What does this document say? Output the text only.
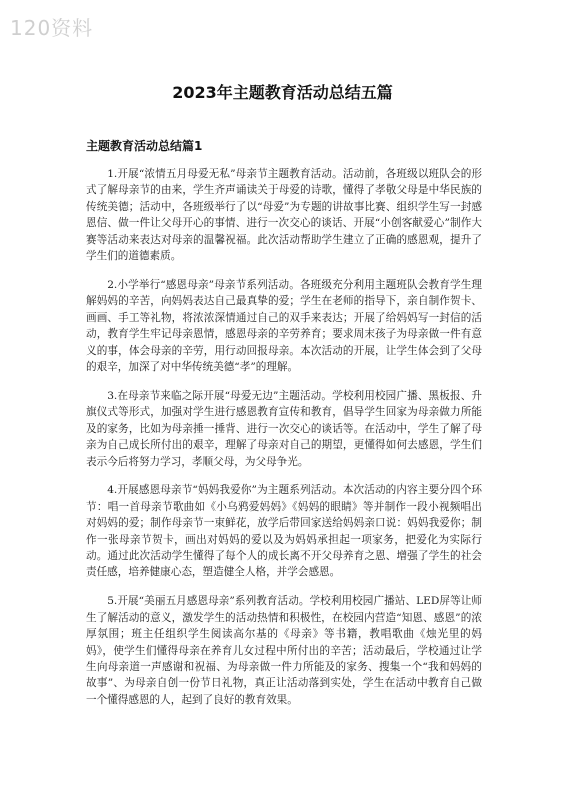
120资料
2023年主题教育活动总结五篇
主题教育活动总结篇1

1.开展“浓情五月母爱无私”母亲节主题教育活动。活动前，各班级以班队会的形式了解母亲节的由来，学生齐声诵读关于母爱的诗歌，懂得了孝敬父母是中华民族的传统美德；活动中，各班级举行了以“母爱”为专题的讲故事比赛、组织学生写一封感恩信、做一件让父母开心的事情、进行一次交心的谈话、开展“小创客献爱心”制作大赛等活动来表达对母亲的温馨祝福。此次活动帮助学生建立了正确的感恩观，提升了学生们的道德素质。

2.小学举行“感恩母亲”母亲节系列活动。各班级充分利用主题班队会教育学生理解妈妈的辛苦，向妈妈表达自己最真挚的爱；学生在老师的指导下，亲自制作贺卡、画画、手工等礼物，将浓浓深情通过自己的双手来表达；开展了给妈妈写一封信的活动，教育学生牢记母亲恩情，感恩母亲的辛劳养育；要求周末孩子为母亲做一件有意义的事，体会母亲的辛劳，用行动回报母亲。本次活动的开展，让学生体会到了父母的艰辛，加深了对中华传统美德“孝”的理解。

3.在母亲节来临之际开展“母爱无边”主题活动。学校利用校园广播、黑板报、升旗仪式等形式，加强对学生进行感恩教育宣传和教育，倡导学生回家为母亲做力所能及的家务，比如为母亲捶一捶背、进行一次交心的谈话等。在活动中，学生了解了母亲为自己成长所付出的艰辛，理解了母亲对自己的期望，更懂得如何去感恩，学生们表示今后将努力学习，孝顺父母，为父母争光。

4.开展感恩母亲节“妈妈我爱你”为主题系列活动。本次活动的内容主要分四个环节：唱一首母亲节歌曲如《小乌鸦爱妈妈》《妈妈的眼睛》等并制作一段小视频唱出对妈妈的爱；制作母亲节一束鲜花，放学后带回家送给妈妈亲口说：妈妈我爱你；制作一张母亲节贺卡，画出对妈妈的爱以及为妈妈承担起一项家务，把爱化为实际行动。通过此次活动学生懂得了每个人的成长离不开父母养育之恩、增强了学生的社会责任感，培养健康心态，塑造健全人格，并学会感恩。

5.开展“美丽五月感恩母亲”系列教育活动。学校利用校园广播站、LED屏等让师生了解活动的意义，激发学生的活动热情和积极性，在校园内营造“知恩、感恩”的浓厚氛围；班主任组织学生阅读高尔基的《母亲》等书籍，教唱歌曲《烛光里的妈妈》，使学生们懂得母亲在养育儿女过程中所付出的辛苦；活动最后，学校通过让学生向母亲道一声感谢和祝福、为母亲做一件力所能及的家务、搜集一个“我和妈妈的故事”、为母亲自创一份节日礼物，真正让活动落到实处，学生在活动中教育自己做一个懂得感恩的人，起到了良好的教育效果。
